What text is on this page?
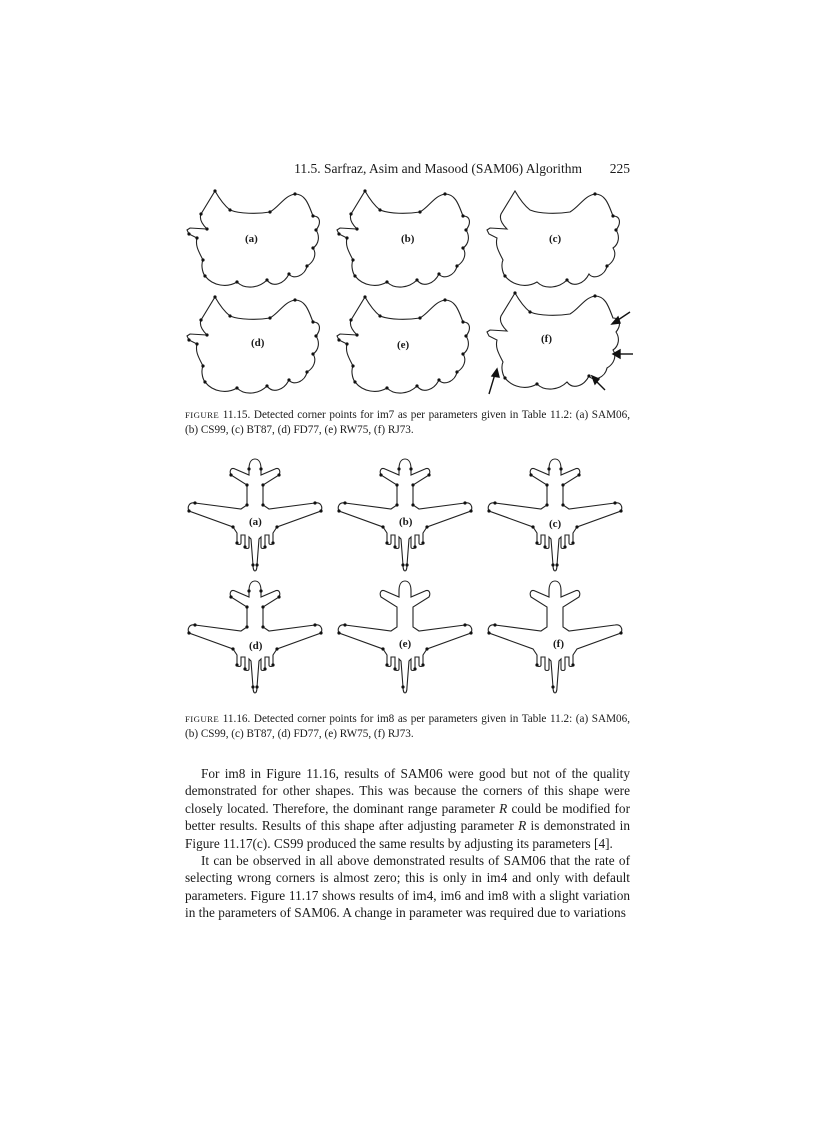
11.5. Sarfraz, Asim and Masood (SAM06) Algorithm 225
(a)	(b)	(c)
(d)	(e)	(f)
FIGURE 11.15. Detected corner points for im7 as per parameters given in Table 11.2: (a) SAM06, (b) CS99, (c) BT87, (d) FD77, (e) RW75, (f) RJ73.
(a)	(b)	(c)
(d)	(e)	(f)
FIGURE 11.16. Detected corner points for im8 as per parameters given in Table 11.2: (a) SAM06, (b) CS99, (c) BT87, (d) FD77, (e) RW75, (f) RJ73.

For im8 in Figure 11.16, results of SAM06 were good but not of the quality demonstrated for other shapes. This was because the corners of this shape were closely located. Therefore, the dominant range parameter R could be modified for better results. Results of this shape after adjusting parameter R is demonstrated in Figure 11.17(c). CS99 produced the same results by adjusting its parameters [4].

It can be observed in all above demonstrated results of SAM06 that the rate of selecting wrong corners is almost zero; this is only in im4 and only with default parameters. Figure 11.17 shows results of im4, im6 and im8 with a slight variation in the parameters of SAM06. A change in parameter was required due to variations
